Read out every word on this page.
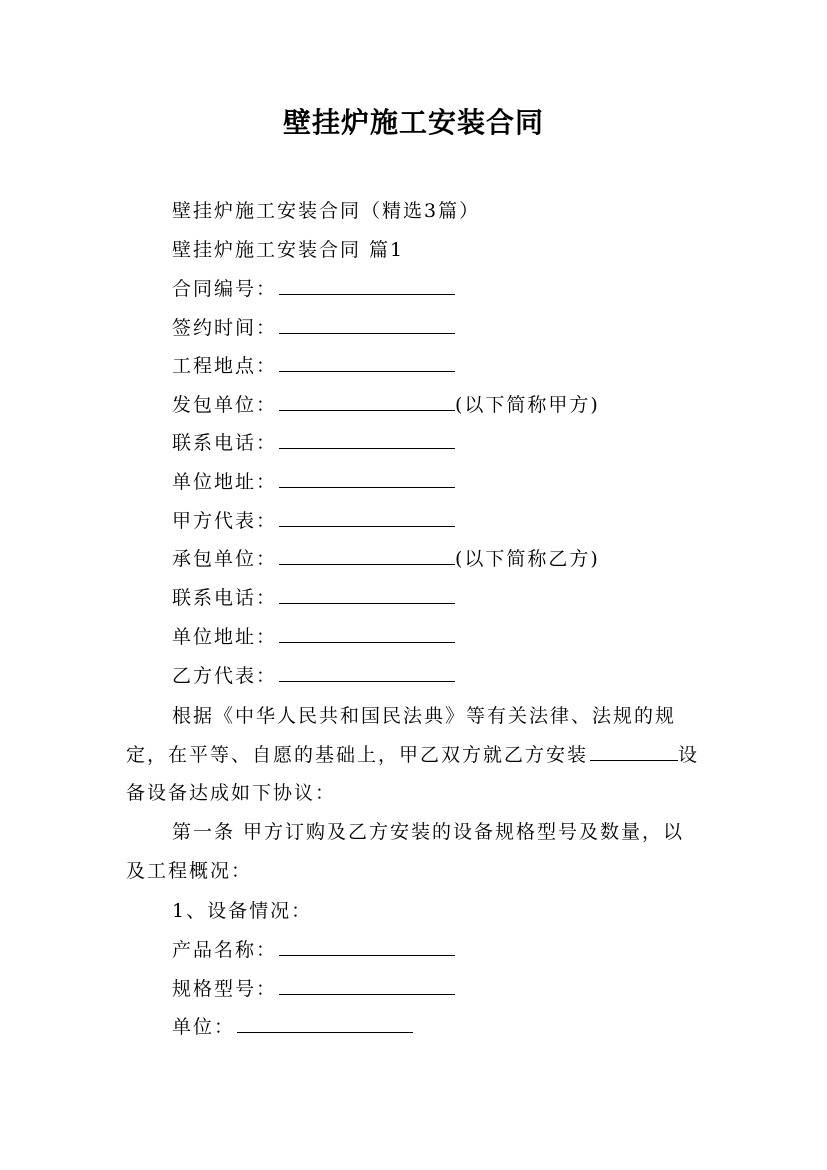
壁挂炉施工安装合同
壁挂炉施工安装合同（精选3篇）
壁挂炉施工安装合同 篇1
合同编号：
签约时间：
工程地点：
发包单位：	(以下简称甲方)
联系电话：
单位地址：
甲方代表：
承包单位：	(以下简称乙方)
联系电话：
单位地址：
乙方代表：
根据《中华人民共和国民法典》等有关法律、法规的规定，在平等、自愿的基础上，甲乙双方就乙方安装	设备设备达成如下协议：
第一条 甲方订购及乙方安装的设备规格型号及数量，以及工程概况：
1、设备情况：
产品名称：
规格型号：
单位：
